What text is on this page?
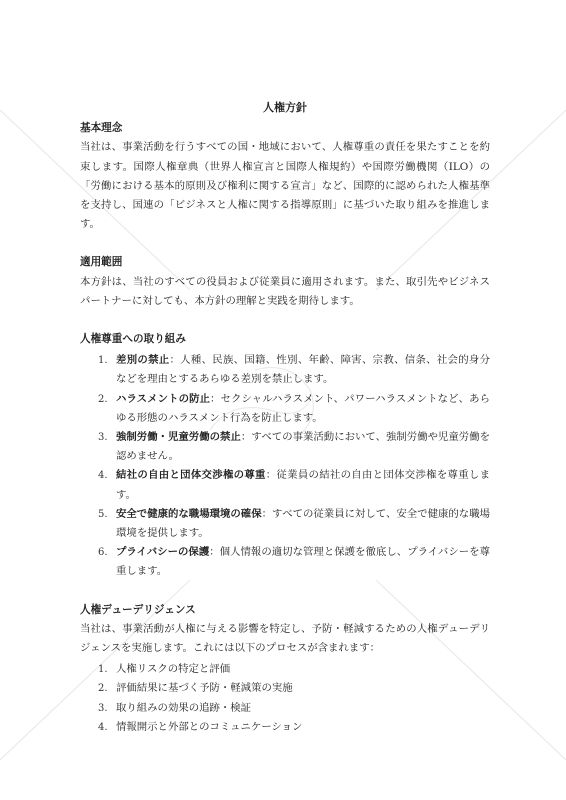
人権方針
基本理念

当社は、事業活動を行うすべての国・地域において、人権尊重の責任を果たすことを約束します。国際人権章典（世界人権宣言と国際人権規約）や国際労働機関（ILO）の「労働における基本的原則及び権利に関する宣言」など、国際的に認められた人権基準を支持し、国連の「ビジネスと人権に関する指導原則」に基づいた取り組みを推進します。

適用範囲

本方針は、当社のすべての役員および従業員に適用されます。また、取引先やビジネスパートナーに対しても、本方針の理解と実践を期待します。

人権尊重への取り組み
1. 差別の禁止：人種、民族、国籍、性別、年齢、障害、宗教、信条、社会的身分などを理由とするあらゆる差別を禁止します。
2. ハラスメントの防止：セクシャルハラスメント、パワーハラスメントなど、あらゆる形態のハラスメント行為を防止します。
3. 強制労働・児童労働の禁止：すべての事業活動において、強制労働や児童労働を認めません。
4. 結社の自由と団体交渉権の尊重：従業員の結社の自由と団体交渉権を尊重します。
5. 安全で健康的な職場環境の確保：すべての従業員に対して、安全で健康的な職場環境を提供します。
6. プライバシーの保護：個人情報の適切な管理と保護を徹底し、プライバシーを尊重します。
人権デューデリジェンス

当社は、事業活動が人権に与える影響を特定し、予防・軽減するための人権デューデリジェンスを実施します。これには以下のプロセスが含まれます：

1. 人権リスクの特定と評価
2. 評価結果に基づく予防・軽減策の実施
3. 取り組みの効果の追跡・検証
4. 情報開示と外部とのコミュニケーション
